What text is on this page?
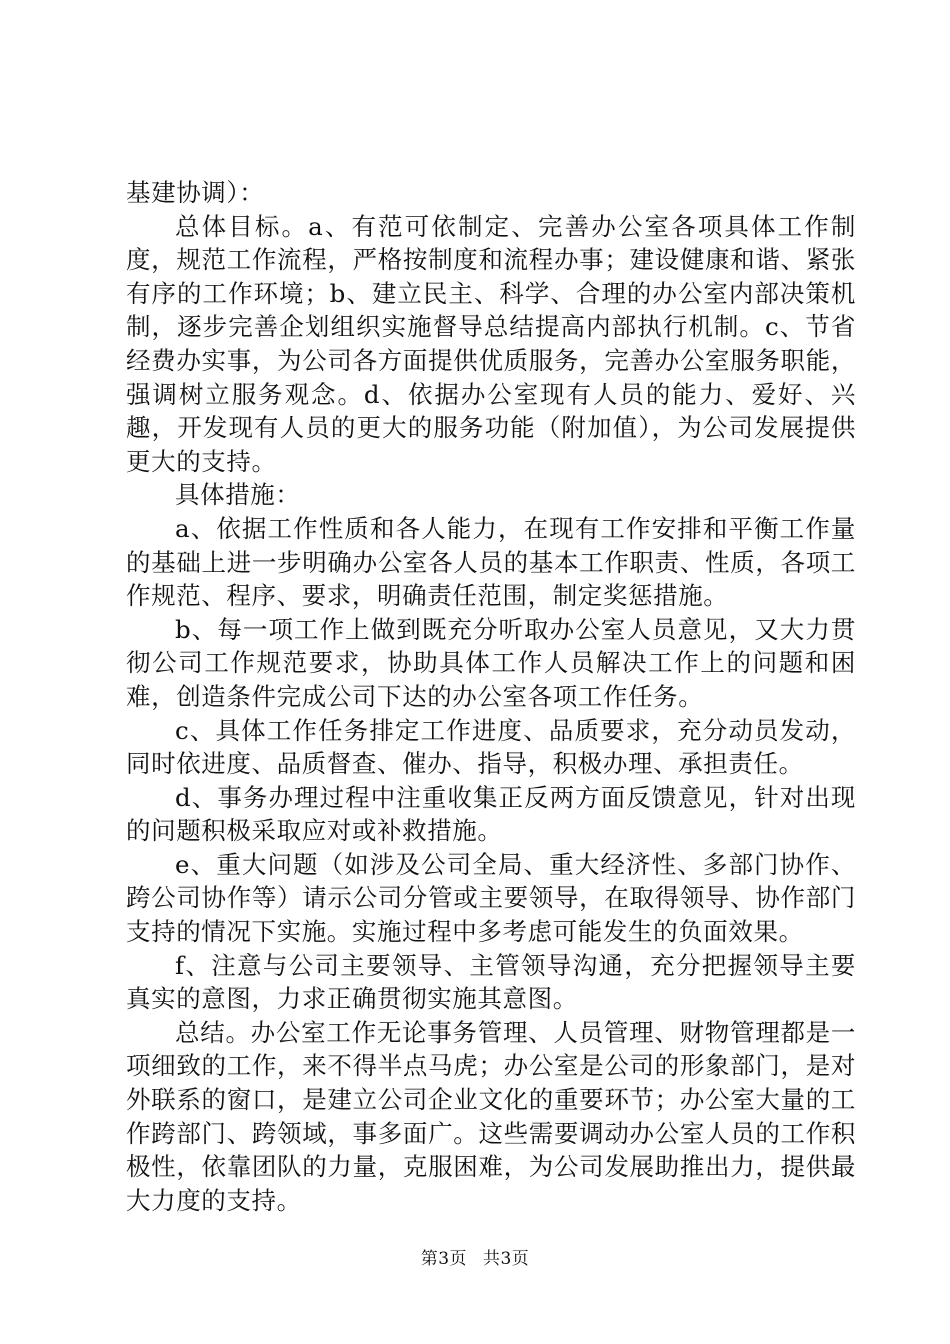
基建协调）：

总体目标。a、有范可依制定、完善办公室各项具体工作制度，规范工作流程，严格按制度和流程办事；建设健康和谐、紧张有序的工作环境；b、建立民主、科学、合理的办公室内部决策机制，逐步完善企划组织实施督导总结提高内部执行机制。c、节省经费办实事，为公司各方面提供优质服务，完善办公室服务职能，强调树立服务观念。d、依据办公室现有人员的能力、爱好、兴趣，开发现有人员的更大的服务功能（附加值），为公司发展提供更大的支持。

具体措施：

a、依据工作性质和各人能力，在现有工作安排和平衡工作量的基础上进一步明确办公室各人员的基本工作职责、性质，各项工作规范、程序、要求，明确责任范围，制定奖惩措施。

b、每一项工作上做到既充分听取办公室人员意见，又大力贯彻公司工作规范要求，协助具体工作人员解决工作上的问题和困难，创造条件完成公司下达的办公室各项工作任务。

c、具体工作任务排定工作进度、品质要求，充分动员发动，同时依进度、品质督查、催办、指导，积极办理、承担责任。

d、事务办理过程中注重收集正反两方面反馈意见，针对出现的问题积极采取应对或补救措施。

e、重大问题（如涉及公司全局、重大经济性、多部门协作、跨公司协作等）请示公司分管或主要领导，在取得领导、协作部门支持的情况下实施。实施过程中多考虑可能发生的负面效果。

f、注意与公司主要领导、主管领导沟通，充分把握领导主要真实的意图，力求正确贯彻实施其意图。

总结。办公室工作无论事务管理、人员管理、财物管理都是一项细致的工作，来不得半点马虎；办公室是公司的形象部门，是对外联系的窗口，是建立公司企业文化的重要环节；办公室大量的工作跨部门、跨领域，事多面广。这些需要调动办公室人员的工作积极性，依靠团队的力量，克服困难，为公司发展助推出力，提供最大力度的支持。

第3页 共3页
